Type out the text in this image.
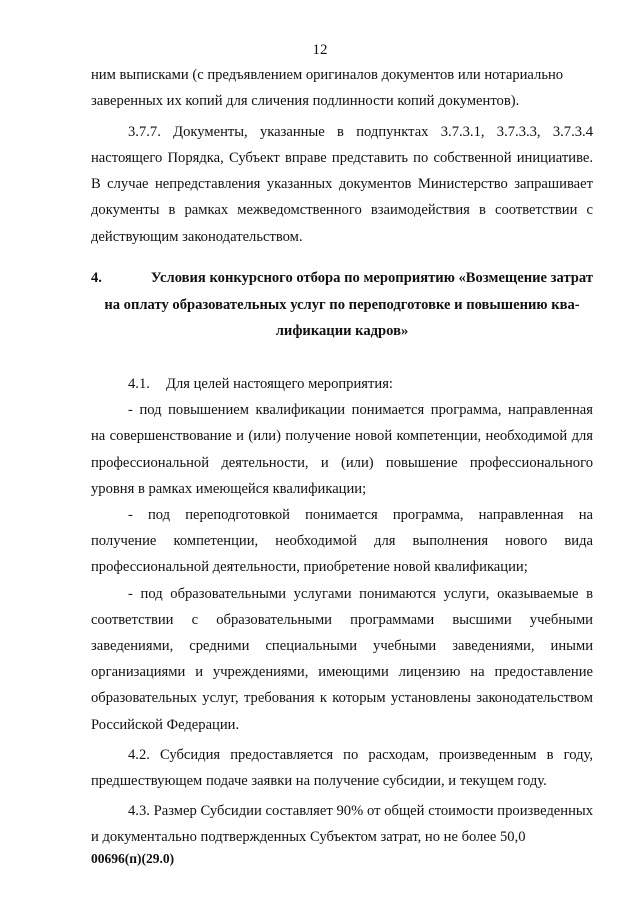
12

ним выписками (с предъявлением оригиналов документов или нотариально

заверенных их копий для сличения подлинности копий документов).

3.7.7. Документы, указанные в подпунктах 3.7.3.1, 3.7.3.3, 3.7.3.4 настоящего Порядка, Субъект вправе представить по собственной инициативе. В случае непредставления указанных документов Министерство запрашивает документы в рамках межведомственного взаимодействия в соответствии с действующим законодательством.

4.	Условия конкурсного отбора по мероприятию «Возмещение затрат
на оплату образовательных услуг по переподготовке и повышению ква-
лификации кадров»

4.1. Для целей настоящего мероприятия:

- под повышением квалификации понимается программа, направленная на совершенствование и (или) получение новой компетенции, необходимой для профессиональной деятельности, и (или) повышение профессионального уровня в рамках имеющейся квалификации;

- под переподготовкой понимается программа, направленная на получение компетенции, необходимой для выполнения нового вида профессиональной деятельности, приобретение новой квалификации;

- под образовательными услугами понимаются услуги, оказываемые в соответствии с образовательными программами высшими учебными заведениями, средними специальными учебными заведениями, иными организациями и учреждениями, имеющими лицензию на предоставление образовательных услуг, требования к которым установлены законодательством Российской Федерации.

4.2. Субсидия предоставляется по расходам, произведенным в году, предшествующем подаче заявки на получение субсидии, и текущем году.

4.3. Размер Субсидии составляет 90% от общей стоимости произведенных и документально подтвержденных Субъектом затрат, но не более 50,0

00696(п)(29.0)
